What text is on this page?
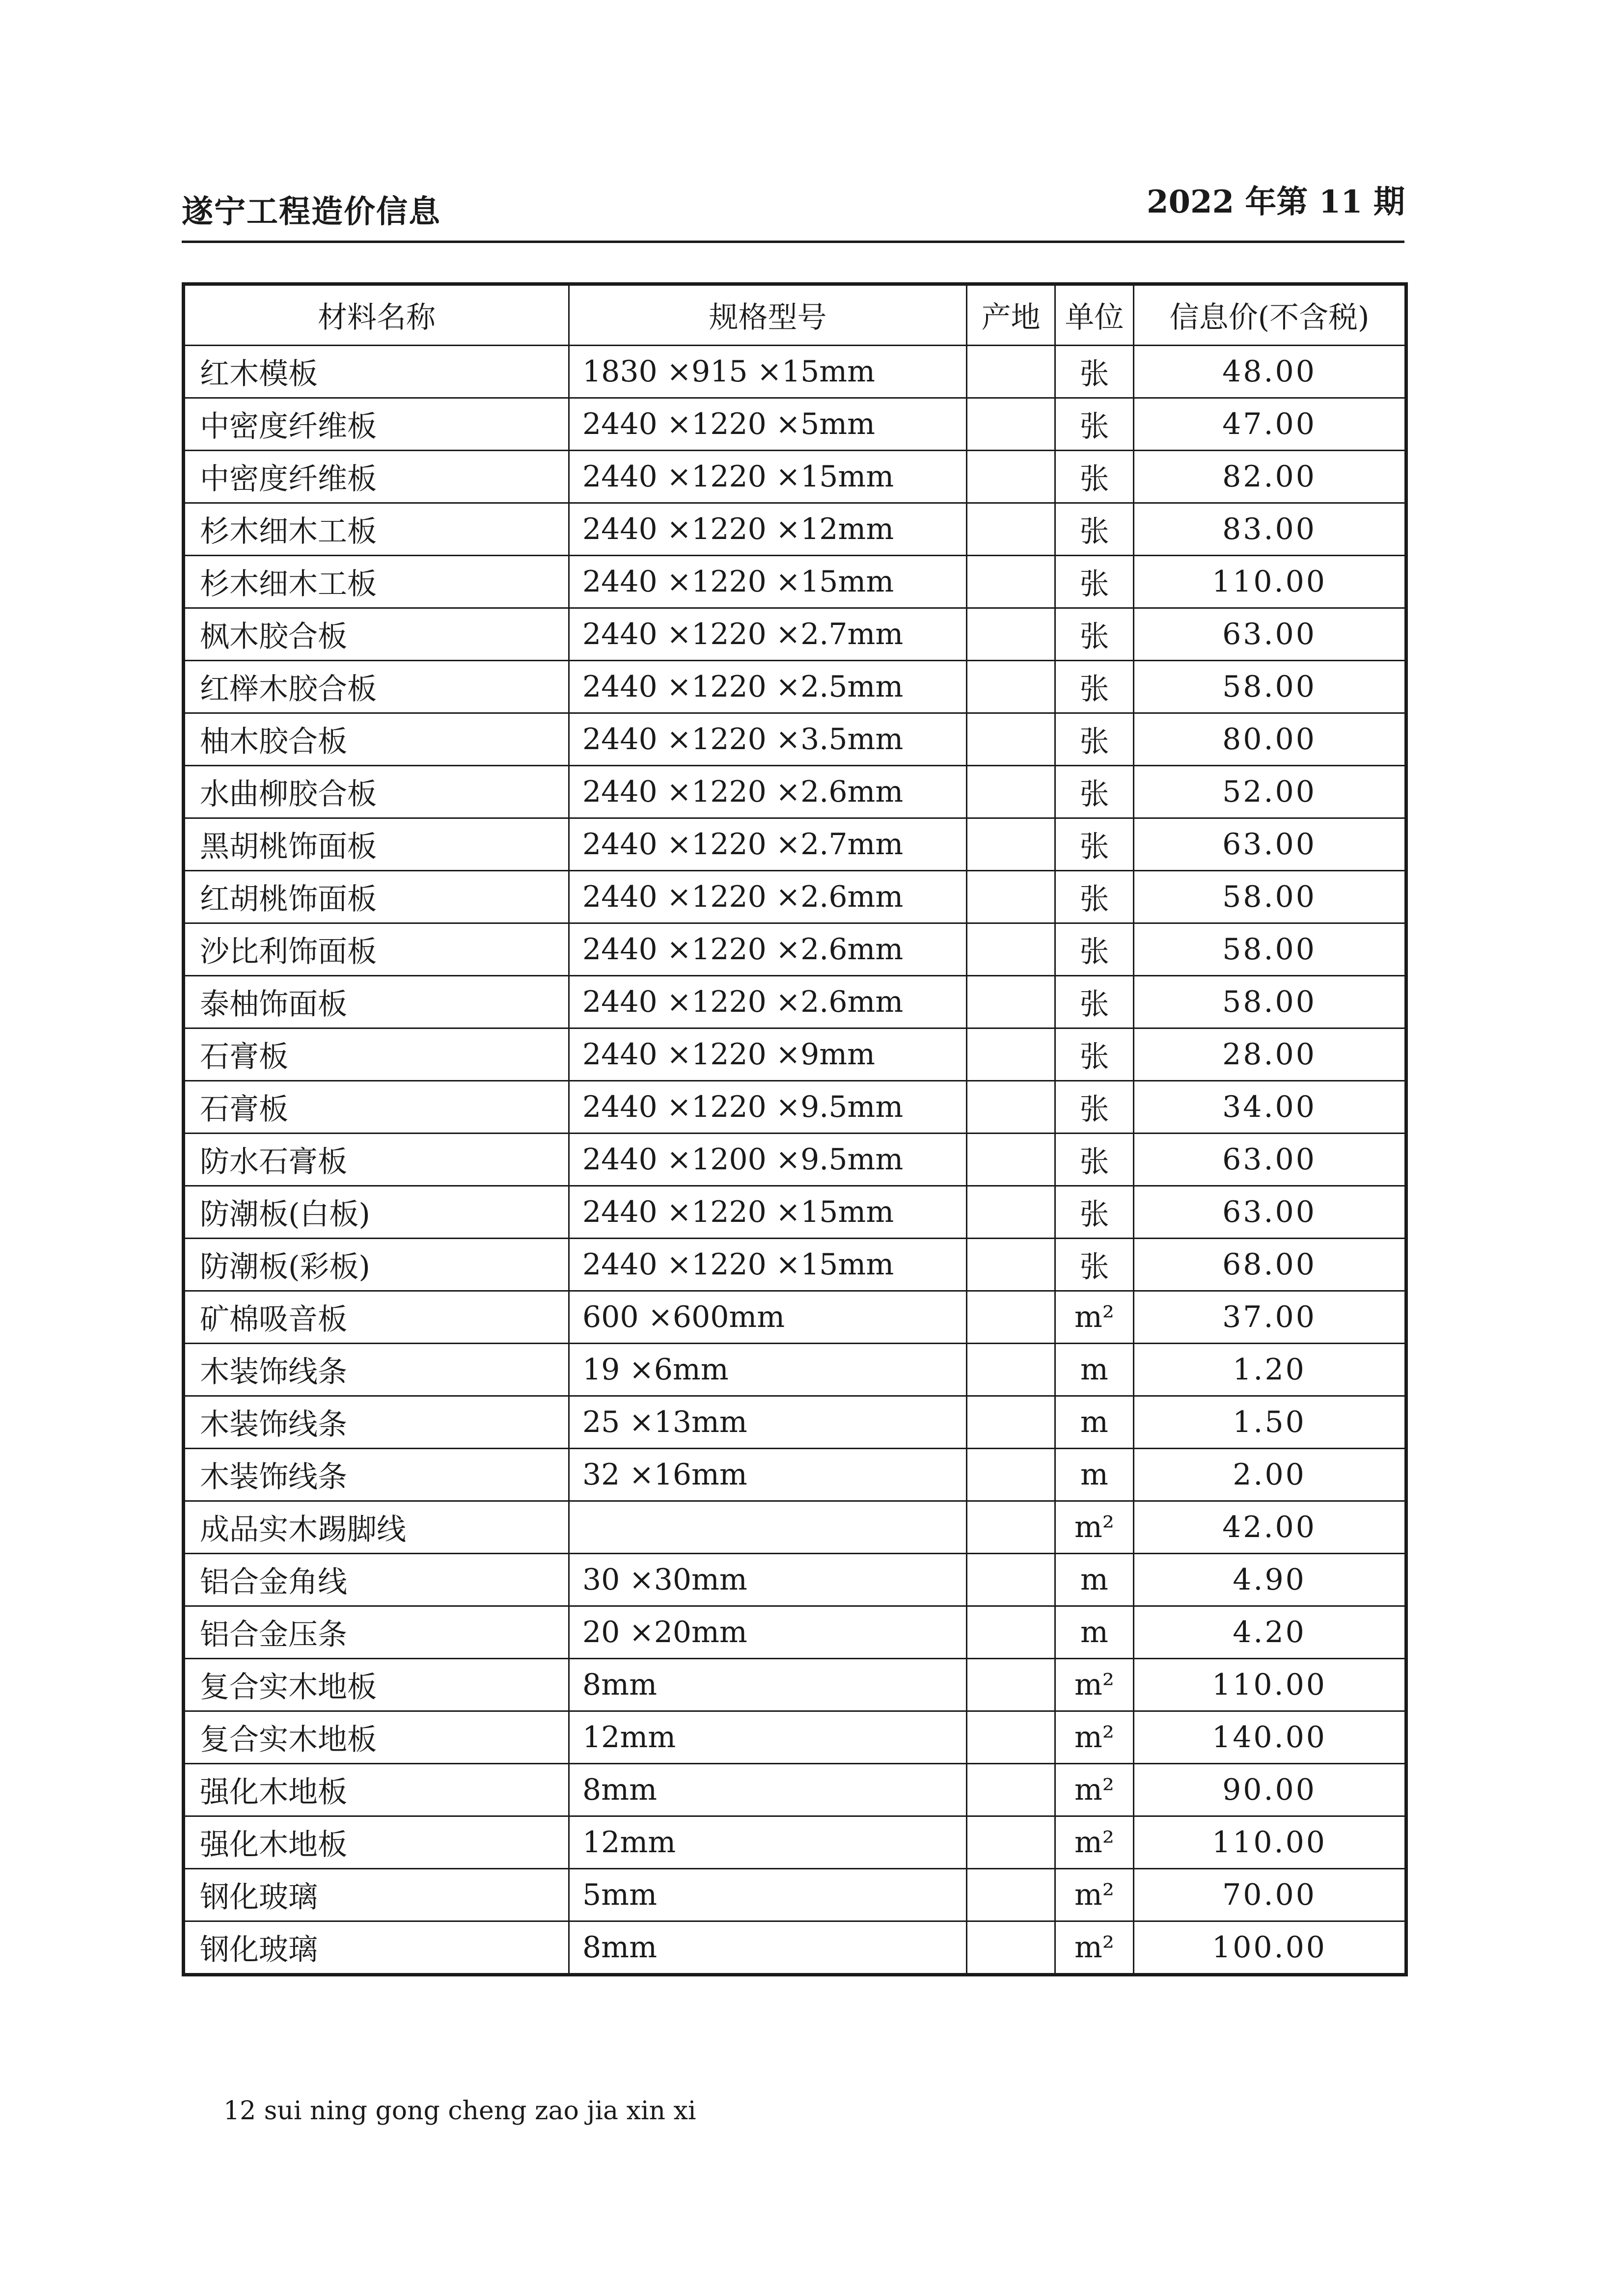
遂宁工程造价信息	2022 年第 11 期
材料名称	规格型号	产地	单位	信息价(不含税)
红木模板	1830 ×915 ×15mm		张	48.00
中密度纤维板	2440 ×1220 ×5mm		张	47.00
中密度纤维板	2440 ×1220 ×15mm		张	82.00
杉木细木工板	2440 ×1220 ×12mm		张	83.00
杉木细木工板	2440 ×1220 ×15mm		张	110.00
枫木胶合板	2440 ×1220 ×2.7mm		张	63.00
红榉木胶合板	2440 ×1220 ×2.5mm		张	58.00
柚木胶合板	2440 ×1220 ×3.5mm		张	80.00
水曲柳胶合板	2440 ×1220 ×2.6mm		张	52.00
黑胡桃饰面板	2440 ×1220 ×2.7mm		张	63.00
红胡桃饰面板	2440 ×1220 ×2.6mm		张	58.00
沙比利饰面板	2440 ×1220 ×2.6mm		张	58.00
泰柚饰面板	2440 ×1220 ×2.6mm		张	58.00
石膏板	2440 ×1220 ×9mm		张	28.00
石膏板	2440 ×1220 ×9.5mm		张	34.00
防水石膏板	2440 ×1200 ×9.5mm		张	63.00
防潮板(白板)	2440 ×1220 ×15mm		张	63.00
防潮板(彩板)	2440 ×1220 ×15mm		张	68.00
矿棉吸音板	600 ×600mm		m²	37.00
木装饰线条	19 ×6mm		m	1.20
木装饰线条	25 ×13mm		m	1.50
木装饰线条	32 ×16mm		m	2.00
成品实木踢脚线			m²	42.00
铝合金角线	30 ×30mm		m	4.90
铝合金压条	20 ×20mm		m	4.20
复合实木地板	8mm		m²	110.00
复合实木地板	12mm		m²	140.00
强化木地板	8mm		m²	90.00
强化木地板	12mm		m²	110.00
钢化玻璃	5mm		m²	70.00
钢化玻璃	8mm		m²	100.00
12 sui ning gong cheng zao jia xin xi
